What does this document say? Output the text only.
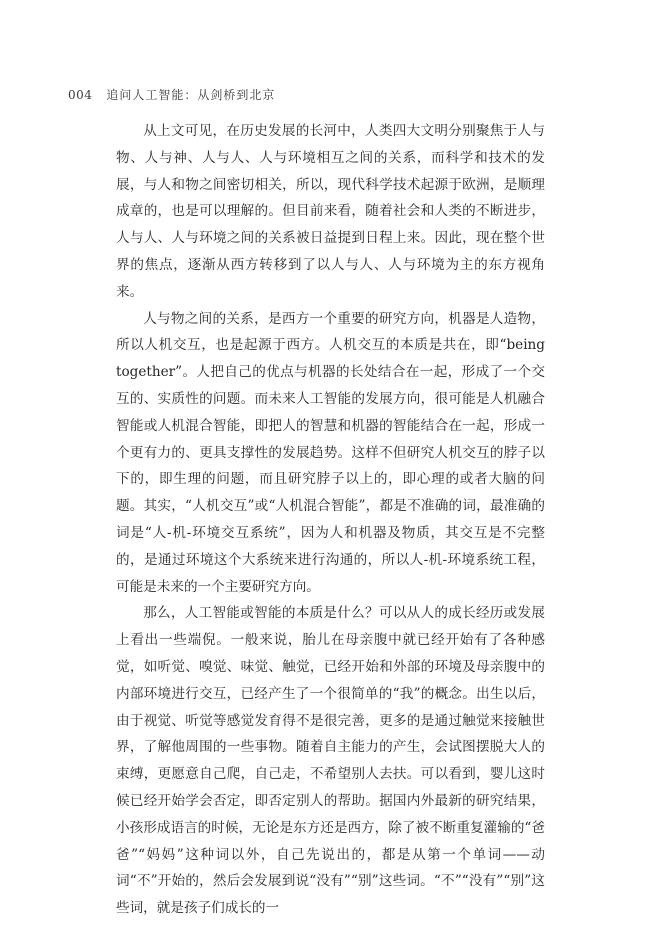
004 追问人工智能：从剑桥到北京

从上文可见，在历史发展的长河中，人类四大文明分别聚焦于人与物、人与神、人与人、人与环境相互之间的关系，而科学和技术的发展，与人和物之间密切相关，所以，现代科学技术起源于欧洲，是顺理成章的，也是可以理解的。但目前来看，随着社会和人类的不断进步，人与人、人与环境之间的关系被日益提到日程上来。因此，现在整个世界的焦点，逐渐从西方转移到了以人与人、人与环境为主的东方视角来。

人与物之间的关系，是西方一个重要的研究方向，机器是人造物，所以人机交互，也是起源于西方。人机交互的本质是共在，即“being together”。人把自己的优点与机器的长处结合在一起，形成了一个交互的、实质性的问题。而未来人工智能的发展方向，很可能是人机融合智能或人机混合智能，即把人的智慧和机器的智能结合在一起，形成一个更有力的、更具支撑性的发展趋势。这样不但研究人机交互的脖子以下的，即生理的问题，而且研究脖子以上的，即心理的或者大脑的问题。其实，“人机交互”或“人机混合智能”，都是不准确的词，最准确的词是“人-机-环境交互系统”，因为人和机器及物质，其交互是不完整的，是通过环境这个大系统来进行沟通的，所以人-机-环境系统工程，可能是未来的一个主要研究方向。

那么，人工智能或智能的本质是什么？可以从人的成长经历或发展上看出一些端倪。一般来说，胎儿在母亲腹中就已经开始有了各种感觉，如听觉、嗅觉、味觉、触觉，已经开始和外部的环境及母亲腹中的内部环境进行交互，已经产生了一个很简单的“我”的概念。出生以后，由于视觉、听觉等感觉发育得不是很完善，更多的是通过触觉来接触世界，了解他周围的一些事物。随着自主能力的产生，会试图摆脱大人的束缚，更愿意自己爬，自己走，不希望别人去扶。可以看到，婴儿这时候已经开始学会否定，即否定别人的帮助。据国内外最新的研究结果，小孩形成语言的时候，无论是东方还是西方，除了被不断重复灌输的“爸爸”“妈妈”这种词以外，自己先说出的，都是从第一个单词——动词“不”开始的，然后会发展到说“没有”“别”这些词。“不”“没有”“别”这些词，就是孩子们成长的一
